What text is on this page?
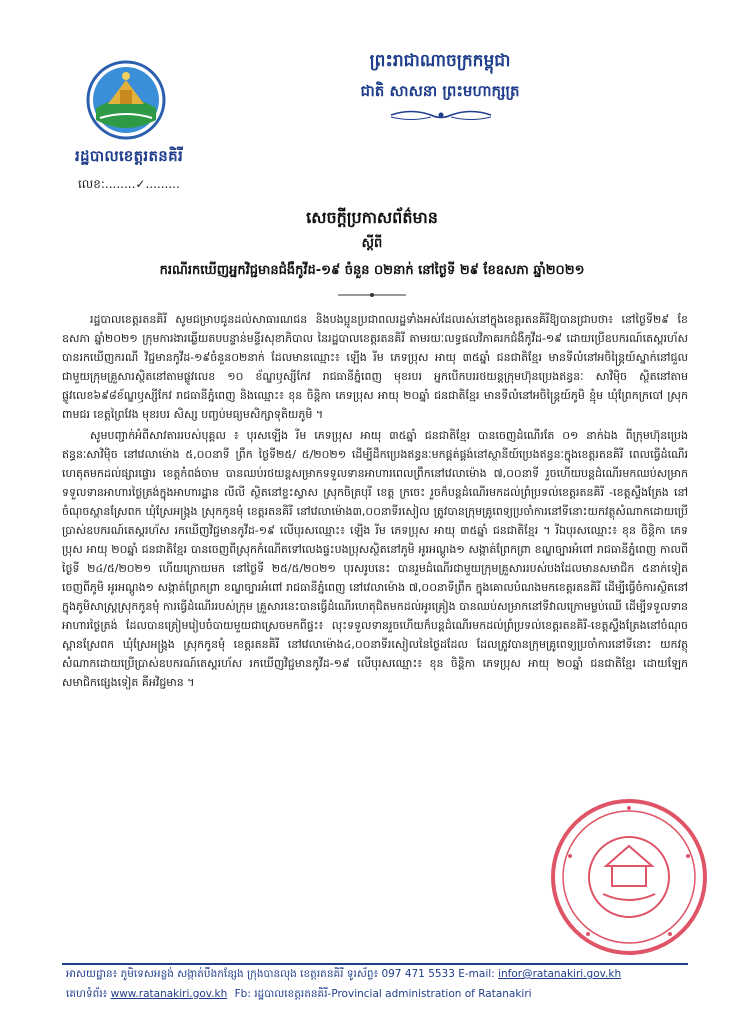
រដ្ឋបាលខេត្តរតនគិរី
លេខ:........✓.........
ព្រះរាជាណាចក្រកម្ពុជា
ជាតិ សាសនា ព្រះមហាក្សត្រ
សេចក្តីប្រកាសព័ត៌មាន
ស្តីពី
ករណីរកឃើញអ្នកវិជ្ជមានជំងឺកូវីដ-១៩ ចំនួន ០២នាក់ នៅថ្ងៃទី ២៩ ខែឧសភា ឆ្នាំ២០២១

រដ្ឋបាលខេត្តរតនគិរី សូមជម្រាបជូនដល់សាធារណជន និងបងប្អូនប្រជាពលរដ្ឋទាំងអស់ដែលរស់នៅក្នុងខេត្តរតនគិរីឱ្យបានជ្រាបថា៖ នៅថ្ងៃទី២៩ ខែឧសភា ឆ្នាំ២០២១ ក្រុមការងារឆ្លើយតបបន្ទាន់មន្ទីរសុខាភិបាល នៃរដ្ឋបាលខេត្តរតនគិរី តាមរយៈលទ្ធផលវិភាគរកជំងឺកូវីដ-១៩ ដោយប្រើឧបករណ៍តេស្តរហ័សបានរកឃើញករណី វិជ្ជមានកូវីដ-១៩ចំនួន០២នាក់ ដែលមានឈ្មោះ៖ ឡើង រីម ភេទប្រុស អាយុ ៣៥ឆ្នាំ ជនជាតិខ្មែរ មានទីលំនៅអចិន្ត្រៃយ៍ស្នាក់នៅជួលជាមួយក្រុមគ្រួសារស្ថិតនៅតាមផ្លូវលេខ ១០ ខ័ណ្ឌឫស្សីកែវ រាជធានីភ្នំពេញ មុខរបរ អ្នកបើកបររថយន្តក្រុមហ៊ុនប្រេងឥន្ធនៈ សាវិម៉ិច ស្ថិតនៅតាមផ្លូវលេខ៦៩៨ខ័ណ្ឌឫស្សីកែវ រាជធានីភ្នំពេញ និងឈ្មោះ៖ ខុន ចិន្តិកា ភេទប្រុស អាយុ ២០ឆ្នាំ ជនជាតិខ្មែរ មានទីលំនៅអចិន្ត្រៃយ៍ភូមិ ខ្មុំម ឃុំព្រែកក្របៅ ស្រុកពាមជរ ខេត្តព្រៃវែង មុខរបរ សិស្ស បញ្ចប់មធ្យមសិក្សាទុតិយភូមិ ។

សូមបញ្ជាក់អំពីសាវតាររបស់បុគ្គល ៖ បុរសឡើង រីម ភេទប្រុស អាយុ ៣៥ឆ្នាំ ជនជាតិខ្មែរ បានចេញដំណើរតែ ០១ នាក់ឯង ពីក្រុមហ៊ុនប្រេងឥន្ធនៈសាវិម៉ិច នៅវេលាម៉ោង ៥,០០នាទី ព្រឹក ថ្ងៃទី២៥/ ៥/២០២១ ដើម្បីដឹកប្រេងឥន្ធនៈមកផ្គត់ផ្គង់នៅស្ថានីយ៍ប្រេងឥន្ធនៈក្នុងខេត្តរតនគិរី ពេលធ្វើដំណើរហេតុតមកដល់ផ្សារផ្ទោរ ខេត្តកំពង់ចាម បានឈប់រថយន្តសម្រាកទទួលទានអាហារពេលព្រឹកនៅវេលាម៉ោង ៧,០០នាទី រួចហើយបន្តដំណើរមកឈប់សម្រាកទទួលទានអាហារថ្ងៃត្រង់ក្នុងអាហារដ្ឋាន លីលី ស្ថិតនៅខ្ទះស្វាស ស្រុកចិត្របុរី ខេត្ត ក្រចេះ រួចក៏បន្តដំណើរមកដល់ព្រំប្រទល់ខេត្តរតនគិរី -ខេត្តស្ទឹងត្រែង នៅចំណុចស្ពានស្រែពក ឃុំស្រែអង្រ្កង ស្រុកកូនមុំ ខេត្តរតនគិរី នៅវេលាម៉ោង៣,០០នាទីរសៀល ត្រូវបានក្រុមគ្រូពេទ្យប្រចាំការនៅទីនោះយកវត្ថុសំណាកដោយប្រើប្រាស់ឧបករណ៍តេស្តរហ័ស រកឃើញវិជ្ជមានកូវីដ-១៩ លើបុរសឈ្មោះ៖ ឡើង រីម ភេទប្រុស អាយុ ៣៥ឆ្នាំ ជនជាតិខ្មែរ ។ រីឯបុរសឈ្មោះ៖ ខុន ចិន្តិកា ភេទប្រុស អាយុ ២០ឆ្នាំ ជនជាតិខ្មែរ បានចេញពីស្រុកកំណើតទៅលេងផ្ទះបងប្រុសស្ថិតនៅភូមិ អូរអណ្តូង១ សង្កាត់ព្រែកព្រា ខណ្ឌច្បារអំពៅ រាជធានីភ្នំពេញ កាលពីថ្ងៃទី ២៤/៥/២០២១ ហើយក្រោយមក នៅថ្ងៃទី ២៥/៥/២០២១ បុរសរូបនេះ បានរួមដំណើរជាមួយក្រុមគ្រួសាររបស់បងដែលមានសមាជិក ៥នាក់ទៀត ចេញពីភូមិ អូរអណ្តូង១ សង្កាត់ព្រែកព្រា ខណ្ឌច្បារអំពៅ រាជធានីភ្នំពេញ នៅវេលាម៉ោង ៧,០០នាទីព្រឹក ក្នុងគោលបំណងមកខេត្តរតនគិរី ដើម្បីធ្វើចំការស្ថិតនៅក្នុងភូមិសាស្ត្រស្រុកកូនមុំ ការធ្វើដំណើររបស់ក្រុម គ្រួសារនេះបានធ្វើដំណើរហេតុជិតមកដល់អូរគ្រៀង បានឈប់សម្រាកនៅទីវាលក្រោមម្លប់ឈើ ដើម្បីទទួលទានអាហារថ្ងៃត្រង់ ដែលបានត្រៀមរៀបចំបាយមួយជាស្រេចមកពីផ្ទះ៖ លុះទទួលទានរួចហើយក៏បន្តដំណើរមកដល់ព្រំប្រទល់ខេត្តរតនគិរី-ខេត្តស្ទឹងត្រែងនៅចំណុចស្ពានស្រែពក ឃុំស្រែអង្រ្កង ស្រុកកូនមុំ ខេត្តរតនគិរី នៅវេលាម៉ោង៤,០០នាទីរសៀលនៃថ្ងៃដដែល ដែលត្រូវបានក្រុមគ្រូពេទ្យប្រចាំការនៅទីនោះ យកវត្ថុសំណាកដោយប្រើប្រាស់ឧបករណ៍តេស្តរហ័ស រកឃើញវិជ្ជមានកូវីដ-១៩ លើបុរសឈ្មោះ៖ ខុន ចិន្តិកា ភេទប្រុស អាយុ ២០ឆ្នាំ ជនជាតិខ្មែរ ដោយឡែកសមាជិកផ្សេងទៀត គឺអវិជ្ជមាន ។

អាសយដ្ឋាន៖ ភូមិទេសអន្លង់ សង្កាត់បឹងកន្សែង ក្រុងបានលុង ខេត្តរតនគិរី ទូរស័ព្ទ៖ 097 471 5533 E-mail: infor@ratanakiri.gov.kh
គេហទំព័រ៖ www.ratanakiri.gov.kh Fb: រដ្ឋបាលខេត្តរតនគិរី-Provincial administration of Ratanakiri
